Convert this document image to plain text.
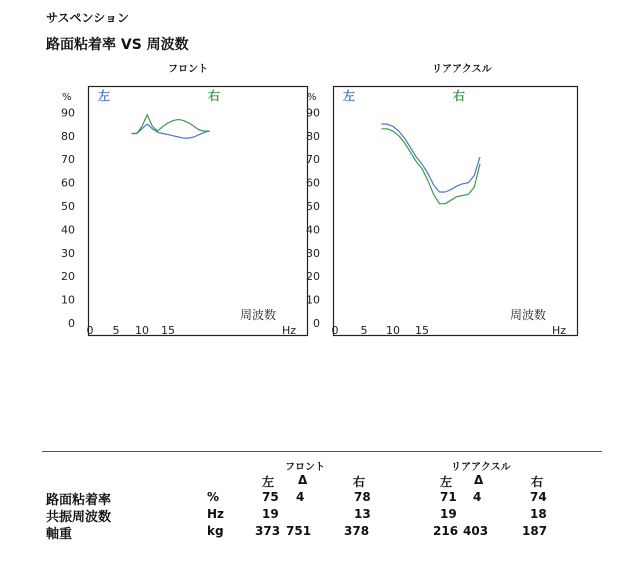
サスペンション
路面粘着率 VS 周波数
フロント	リアアクスル
%
90
80
70
60
50
40
30
20
10
0
0 5 10 15	Hz
周波数
左	右	%
90
80
70
60
50
40
30
20
10
0
0 5 10 15	Hz
周波数
左	右
フロント	リアアクスル
左 Δ	右	左 Δ	右
路面粘着率	%	75 4	78	71 4	74
共振周波数	Hz	19	13	19	18
軸重	kg	373 751	378	216 403	187
